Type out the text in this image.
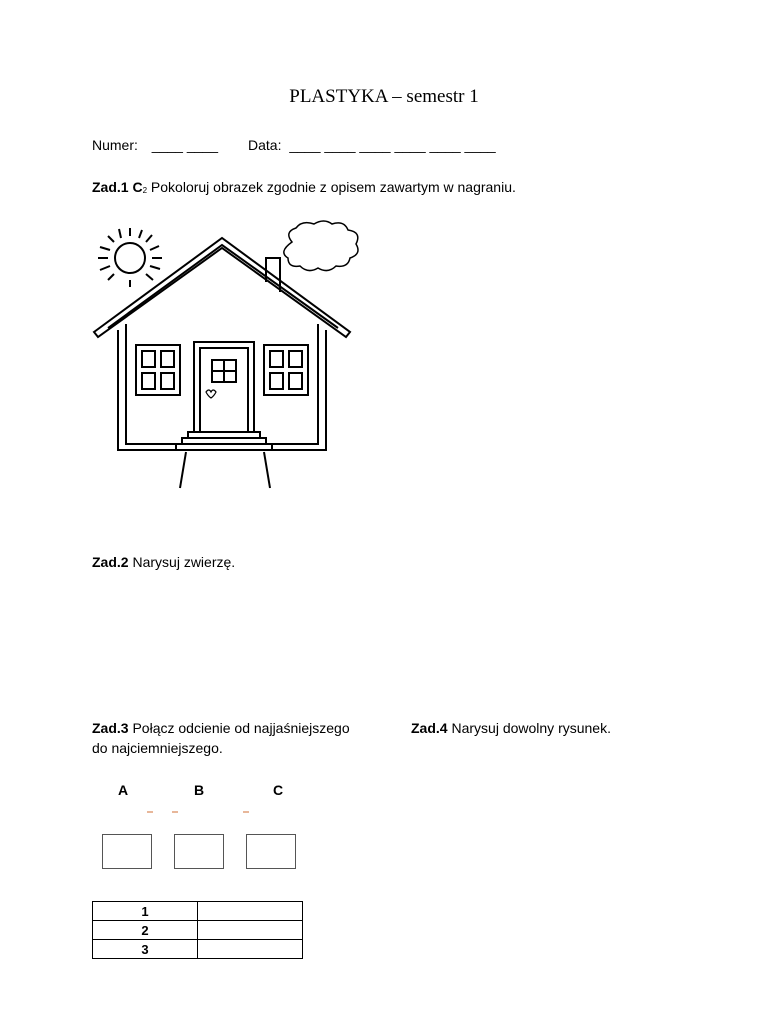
PLASTYKA – semestr 1
Numer: ____ ____ Data: ____ ____ ____ ____ ____ ____
Zad.1 $C_2$ Pokoloruj obrazek zgodnie z opisem zawartym w nagraniu.
Zad.2 Narysuj zwierzę.
Zad.3 Połącz odcienie od najjaśniejszego
do najciemniejszego.
Zad.4 Narysuj dowolny rysunek.
A	B	C
1	
2	
3	
